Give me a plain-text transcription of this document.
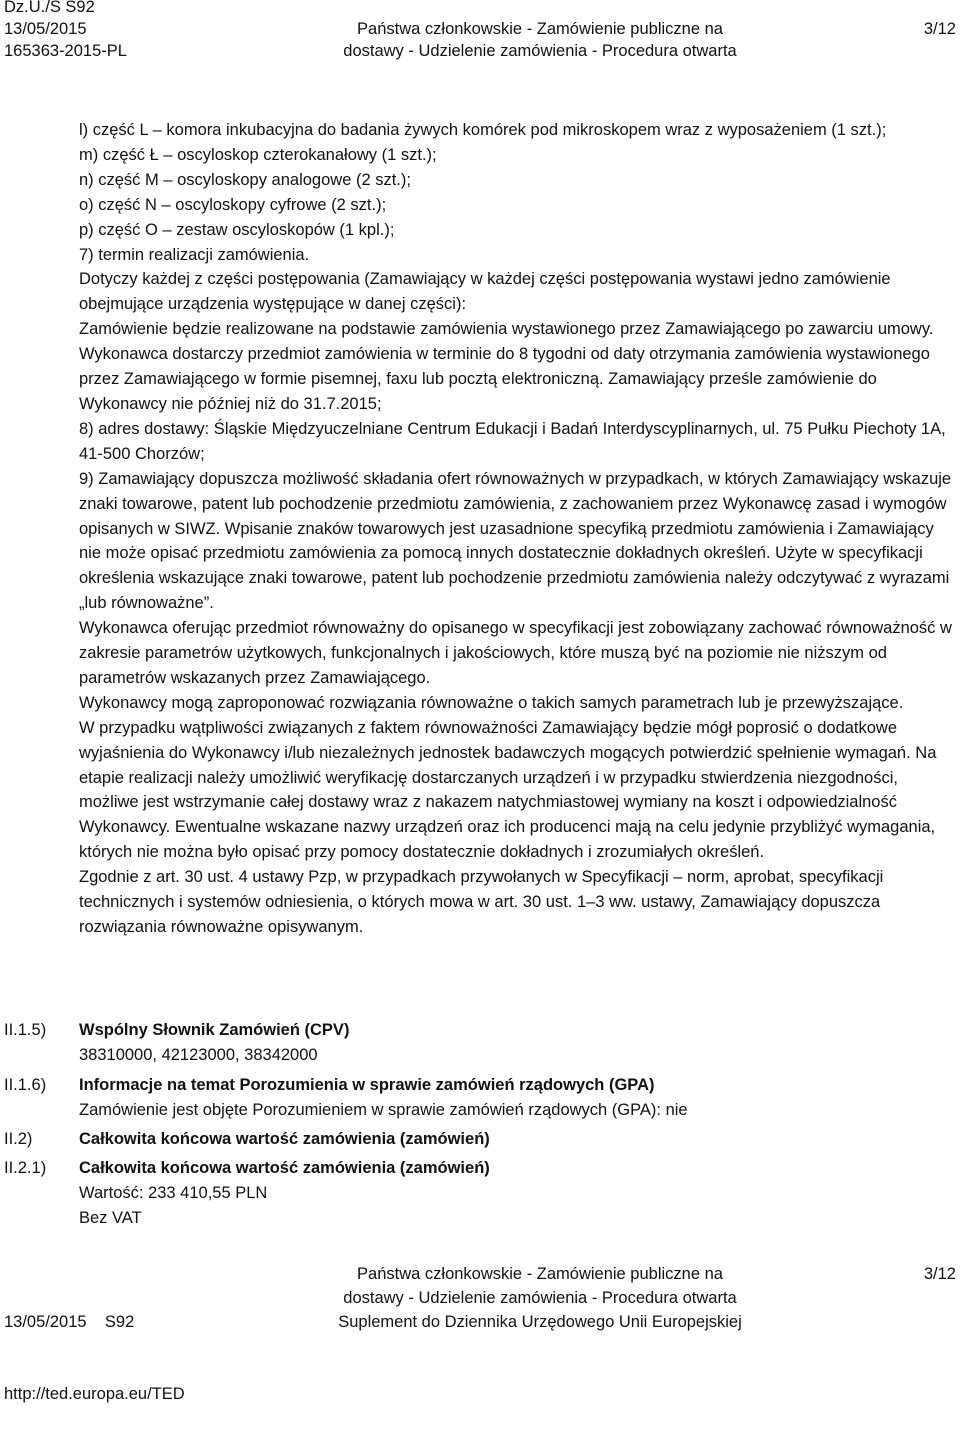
Dz.U./S S92
13/05/2015
165363-2015-PL
Państwa członkowskie - Zamówienie publiczne na
dostawy - Udzielenie zamówienia - Procedura otwarta
3/12

l) część L – komora inkubacyjna do badania żywych komórek pod mikroskopem wraz z wyposażeniem (1 szt.);

m) część Ł – oscyloskop czterokanałowy (1 szt.);

n) część M – oscyloskopy analogowe (2 szt.);

o) część N – oscyloskopy cyfrowe (2 szt.);

p) część O – zestaw oscyloskopów (1 kpl.);

7) termin realizacji zamówienia.

Dotyczy każdej z części postępowania (Zamawiający w każdej części postępowania wystawi jedno zamówienie obejmujące urządzenia występujące w danej części):

Zamówienie będzie realizowane na podstawie zamówienia wystawionego przez Zamawiającego po zawarciu umowy. Wykonawca dostarczy przedmiot zamówienia w terminie do 8 tygodni od daty otrzymania zamówienia wystawionego przez Zamawiającego w formie pisemnej, faxu lub pocztą elektroniczną. Zamawiający prześle zamówienie do Wykonawcy nie później niż do 31.7.2015;

8) adres dostawy: Śląskie Międzyuczelniane Centrum Edukacji i Badań Interdyscyplinarnych, ul. 75 Pułku Piechoty 1A, 41-500 Chorzów;

9) Zamawiający dopuszcza możliwość składania ofert równoważnych w przypadkach, w których Zamawiający wskazuje znaki towarowe, patent lub pochodzenie przedmiotu zamówienia, z zachowaniem przez Wykonawcę zasad i wymogów opisanych w SIWZ. Wpisanie znaków towarowych jest uzasadnione specyfiką przedmiotu zamówienia i Zamawiający nie może opisać przedmiotu zamówienia za pomocą innych dostatecznie dokładnych określeń. Użyte w specyfikacji określenia wskazujące znaki towarowe, patent lub pochodzenie przedmiotu zamówienia należy odczytywać z wyrazami „lub równoważne”.

Wykonawca oferując przedmiot równoważny do opisanego w specyfikacji jest zobowiązany zachować równoważność w zakresie parametrów użytkowych, funkcjonalnych i jakościowych, które muszą być na poziomie nie niższym od parametrów wskazanych przez Zamawiającego.

Wykonawcy mogą zaproponować rozwiązania równoważne o takich samych parametrach lub je przewyższające.

W przypadku wątpliwości związanych z faktem równoważności Zamawiający będzie mógł poprosić o dodatkowe wyjaśnienia do Wykonawcy i/lub niezależnych jednostek badawczych mogących potwierdzić spełnienie wymagań. Na etapie realizacji należy umożliwić weryfikację dostarczanych urządzeń i w przypadku stwierdzenia niezgodności, możliwe jest wstrzymanie całej dostawy wraz z nakazem natychmiastowej wymiany na koszt i odpowiedzialność Wykonawcy. Ewentualne wskazane nazwy urządzeń oraz ich producenci mają na celu jedynie przybliżyć wymagania, których nie można było opisać przy pomocy dostatecznie dokładnych i zrozumiałych określeń.

Zgodnie z art. 30 ust. 4 ustawy Pzp, w przypadkach przywołanych w Specyfikacji – norm, aprobat, specyfikacji technicznych i systemów odniesienia, o których mowa w art. 30 ust. 1–3 ww. ustawy, Zamawiający dopuszcza rozwiązania równoważne opisywanym.

II.1.5) Wspólny Słownik Zamówień (CPV)
38310000, 42123000, 38342000
II.1.6) Informacje na temat Porozumienia w sprawie zamówień rządowych (GPA)
Zamówienie jest objęte Porozumieniem w sprawie zamówień rządowych (GPA): nie
II.2)	Całkowita końcowa wartość zamówienia (zamówień)
II.2.1) Całkowita końcowa wartość zamówienia (zamówień)
Wartość: 233 410,55 PLN
Bez VAT

13/05/2015    S92

http://ted.europa.eu/TED

Państwa członkowskie - Zamówienie publiczne na
dostawy - Udzielenie zamówienia - Procedura otwarta
Suplement do Dziennika Urzędowego Unii Europejskiej
3/12
